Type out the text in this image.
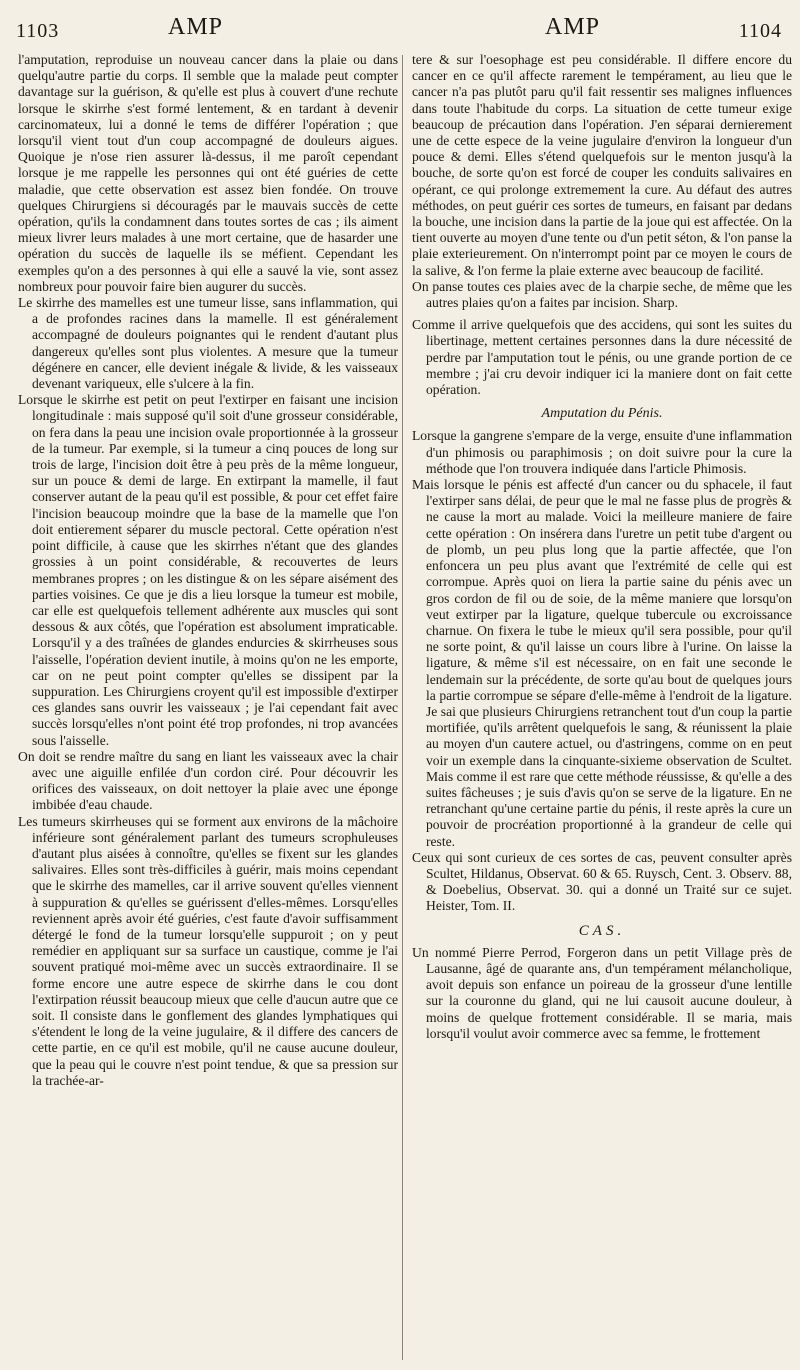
1103	AMP	AMP	1104

l'amputation, reproduise un nouveau cancer dans la plaie ou dans quelqu'autre partie du corps. Il semble que la malade peut compter davantage sur la guérison, & qu'elle est plus à couvert d'une rechute lorsque le skirrhe s'est formé lentement, & en tardant à devenir carcinomateux, lui a donné le tems de différer l'opération ; que lorsqu'il vient tout d'un coup accompagné de douleurs aigues. Quoique je n'ose rien assurer là-dessus, il me paroît cependant lorsque je me rappelle les personnes qui ont été guéries de cette maladie, que cette observation est assez bien fondée. On trouve quelques Chirurgiens si découragés par le mauvais succès de cette opération, qu'ils la condamnent dans toutes sortes de cas ; ils aiment mieux livrer leurs malades à une mort certaine, que de hasarder une opération du succès de laquelle ils se méfient. Cependant les exemples qu'on a des personnes à qui elle a sauvé la vie, sont assez nombreux pour pouvoir faire bien augurer du succès.

Le skirrhe des mamelles est une tumeur lisse, sans inflammation, qui a de profondes racines dans la mamelle. Il est généralement accompagné de douleurs poignantes qui le rendent d'autant plus dangereux qu'elles sont plus violentes. A mesure que la tumeur dégénere en cancer, elle devient inégale & livide, & les vaisseaux devenant variqueux, elle s'ulcere à la fin.

Lorsque le skirrhe est petit on peut l'extirper en faisant une incision longitudinale : mais supposé qu'il soit d'une grosseur considérable, on fera dans la peau une incision ovale proportionnée à la grosseur de la tumeur. Par exemple, si la tumeur a cinq pouces de long sur trois de large, l'incision doit être à peu près de la même longueur, sur un pouce & demi de large. En extirpant la mamelle, il faut conserver autant de la peau qu'il est possible, & pour cet effet faire l'incision beaucoup moindre que la base de la mamelle que l'on doit entierement séparer du muscle pectoral. Cette opération n'est point difficile, à cause que les skirrhes n'étant que des glandes grossies à un point considérable, & recouvertes de leurs membranes propres ; on les distingue & on les sépare aisément des parties voisines. Ce que je dis a lieu lorsque la tumeur est mobile, car elle est quelquefois tellement adhérente aux muscles qui sont dessous & aux côtés, que l'opération est absolument impraticable. Lorsqu'il y a des traînées de glandes endurcies & skirrheuses sous l'aisselle, l'opération devient inutile, à moins qu'on ne les emporte, car on ne peut point compter qu'elles se dissipent par la suppuration. Les Chirurgiens croyent qu'il est impossible d'extirper ces glandes sans ouvrir les vaisseaux ; je l'ai cependant fait avec succès lorsqu'elles n'ont point été trop profondes, ni trop avancées sous l'aisselle.

On doit se rendre maître du sang en liant les vaisseaux avec la chair avec une aiguille enfilée d'un cordon ciré. Pour découvrir les orifices des vaisseaux, on doit nettoyer la plaie avec une éponge imbibée d'eau chaude.

Les tumeurs skirrheuses qui se forment aux environs de la mâchoire inférieure sont généralement parlant des tumeurs scrophuleuses d'autant plus aisées à connoître, qu'elles se fixent sur les glandes salivaires. Elles sont très-difficiles à guérir, mais moins cependant que le skirrhe des mamelles, car il arrive souvent qu'elles viennent à suppuration & qu'elles se guérissent d'elles-mêmes. Lorsqu'elles reviennent après avoir été guéries, c'est faute d'avoir suffisamment détergé le fond de la tumeur lorsqu'elle suppuroit ; on y peut remédier en appliquant sur sa surface un caustique, comme je l'ai souvent pratiqué moi-même avec un succès extraordinaire. Il se forme encore une autre espece de skirrhe dans le cou dont l'extirpation réussit beaucoup mieux que celle d'aucun autre que ce soit. Il consiste dans le gonflement des glandes lymphatiques qui s'étendent le long de la veine jugulaire, & il differe des cancers de cette partie, en ce qu'il est mobile, qu'il ne cause aucune douleur, que la peau qui le couvre n'est point tendue, & que sa pression sur la trachée-ar-

tere & sur l'oesophage est peu considérable. Il differe encore du cancer en ce qu'il affecte rarement le tempérament, au lieu que le cancer n'a pas plutôt paru qu'il fait ressentir ses malignes influences dans toute l'habitude du corps. La situation de cette tumeur exige beaucoup de précaution dans l'opération. J'en séparai dernierement une de cette espece de la veine jugulaire d'environ la longueur d'un pouce & demi. Elles s'étend quelquefois sur le menton jusqu'à la bouche, de sorte qu'on est forcé de couper les conduits salivaires en opérant, ce qui prolonge extremement la cure. Au défaut des autres méthodes, on peut guérir ces sortes de tumeurs, en faisant par dedans la bouche, une incision dans la partie de la joue qui est affectée. On la tient ouverte au moyen d'une tente ou d'un petit séton, & l'on panse la plaie exterieurement. On n'interrompt point par ce moyen le cours de la salive, & l'on ferme la plaie externe avec beaucoup de facilité.

On panse toutes ces plaies avec de la charpie seche, de même que les autres plaies qu'on a faites par incision. Sharp.

Comme il arrive quelquefois que des accidens, qui sont les suites du libertinage, mettent certaines personnes dans la dure nécessité de perdre par l'amputation tout le pénis, ou une grande portion de ce membre ; j'ai cru devoir indiquer ici la maniere dont on fait cette opération.

Amputation du Pénis.

Lorsque la gangrene s'empare de la verge, ensuite d'une inflammation d'un phimosis ou paraphimosis ; on doit suivre pour la cure la méthode que l'on trouvera indiquée dans l'article Phimosis.

Mais lorsque le pénis est affecté d'un cancer ou du sphacele, il faut l'extirper sans délai, de peur que le mal ne fasse plus de progrès & ne cause la mort au malade. Voici la meilleure maniere de faire cette opération : On insérera dans l'uretre un petit tube d'argent ou de plomb, un peu plus long que la partie affectée, que l'on enfoncera un peu plus avant que l'extrémité de celle qui est corrompue. Après quoi on liera la partie saine du pénis avec un gros cordon de fil ou de soie, de la même maniere que lorsqu'on veut extirper par la ligature, quelque tubercule ou excroissance charnue. On fixera le tube le mieux qu'il sera possible, pour qu'il ne sorte point, & qu'il laisse un cours libre à l'urine. On laisse la ligature, & même s'il est nécessaire, on en fait une seconde le lendemain sur la précédente, de sorte qu'au bout de quelques jours la partie corrompue se sépare d'elle-même à l'endroit de la ligature. Je sai que plusieurs Chirurgiens retranchent tout d'un coup la partie mortifiée, qu'ils arrêtent quelquefois le sang, & réunissent la plaie au moyen d'un cautere actuel, ou d'astringens, comme on en peut voir un exemple dans la cinquante-sixieme observation de Scultet. Mais comme il est rare que cette méthode réussisse, & qu'elle a des suites fâcheuses ; je suis d'avis qu'on se serve de la ligature. En ne retranchant qu'une certaine partie du pénis, il reste après la cure un pouvoir de procréation proportionné à la grandeur de celle qui reste.

Ceux qui sont curieux de ces sortes de cas, peuvent consulter après Scultet, Hildanus, Observat. 60 & 65. Ruysch, Cent. 3. Observ. 88, & Doebelius, Observat. 30. qui a donné un Traité sur ce sujet. Heister, Tom. II.

CAS.

Un nommé Pierre Perrod, Forgeron dans un petit Village près de Lausanne, âgé de quarante ans, d'un tempérament mélancholique, avoit depuis son enfance un poireau de la grosseur d'une lentille sur la couronne du gland, qui ne lui causoit aucune douleur, à moins de quelque frottement considérable. Il se maria, mais lorsqu'il voulut avoir commerce avec sa femme, le frottement
